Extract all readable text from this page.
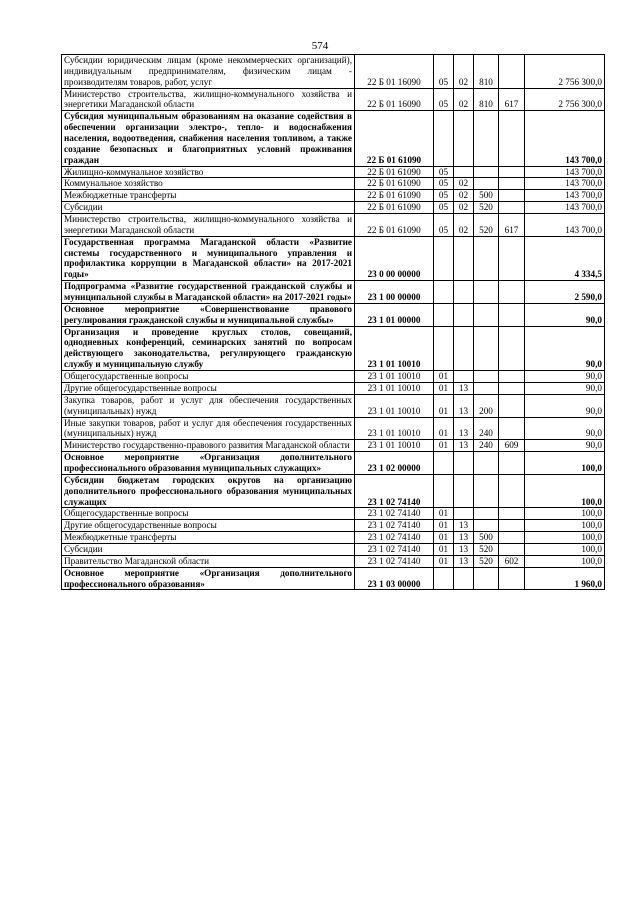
574
Субсидии юридическим лицам (кроме некоммерческих организаций), индивидуальным предпринимателям, физическим лицам - производителям товаров, работ, услуг	22 Б 01 16090	05	02	810		2 756 300,0
Министерство строительства, жилищно-коммунального хозяйства и энергетики Магаданской области	22 Б 01 16090	05	02	810	617	2 756 300,0
Субсидия муниципальным образованиям на оказание содействия в обеспечении организации электро-, тепло- и водоснабжения населения, водоотведения, снабжения населения топливом, а также создание безопасных и благоприятных условий проживания граждан	22 Б 01 61090					143 700,0
Жилищно-коммунальное хозяйство	22 Б 01 61090	05				143 700,0
Коммунальное хозяйство	22 Б 01 61090	05	02			143 700,0
Межбюджетные трансферты	22 Б 01 61090	05	02	500		143 700,0
Субсидии	22 Б 01 61090	05	02	520		143 700,0
Министерство строительства, жилищно-коммунального хозяйства и энергетики Магаданской области	22 Б 01 61090	05	02	520	617	143 700,0
Государственная программа Магаданской области «Развитие системы государственного и муниципального управления и профилактика коррупции в Магаданской области» на 2017-2021 годы»	23 0 00 00000					4 334,5
Подпрограмма «Развитие государственной гражданской службы и муниципальной службы в Магаданской области» на 2017-2021 годы»	23 1 00 00000					2 590,0
Основное мероприятие «Совершенствование правового регулирования гражданской службы и муниципальной службы»	23 1 01 00000					90,0
Организация и проведение круглых столов, совещаний, однодневных конференций, семинарских занятий по вопросам действующего законодательства, регулирующего гражданскую службу и муниципальную службу	23 1 01 10010					90,0
Общегосударственные вопросы	23 1 01 10010	01				90,0
Другие общегосударственные вопросы	23 1 01 10010	01	13			90,0
Закупка товаров, работ и услуг для обеспечения государственных (муниципальных) нужд	23 1 01 10010	01	13	200		90,0
Иные закупки товаров, работ и услуг для обеспечения государственных (муниципальных) нужд	23 1 01 10010	01	13	240		90,0
Министерство государственно-правового развития Магаданской области	23 1 01 10010	01	13	240	609	90,0
Основное мероприятие «Организация дополнительного профессионального образования муниципальных служащих»	23 1 02 00000					100,0
Субсидии бюджетам городских округов на организацию дополнительного профессионального образования муниципальных служащих	23 1 02 74140					100,0
Общегосударственные вопросы	23 1 02 74140	01				100,0
Другие общегосударственные вопросы	23 1 02 74140	01	13			100,0
Межбюджетные трансферты	23 1 02 74140	01	13	500		100,0
Субсидии	23 1 02 74140	01	13	520		100,0
Правительство Магаданской области	23 1 02 74140	01	13	520	602	100,0
Основное мероприятие «Организация дополнительного профессионального образования»	23 1 03 00000					1 960,0
